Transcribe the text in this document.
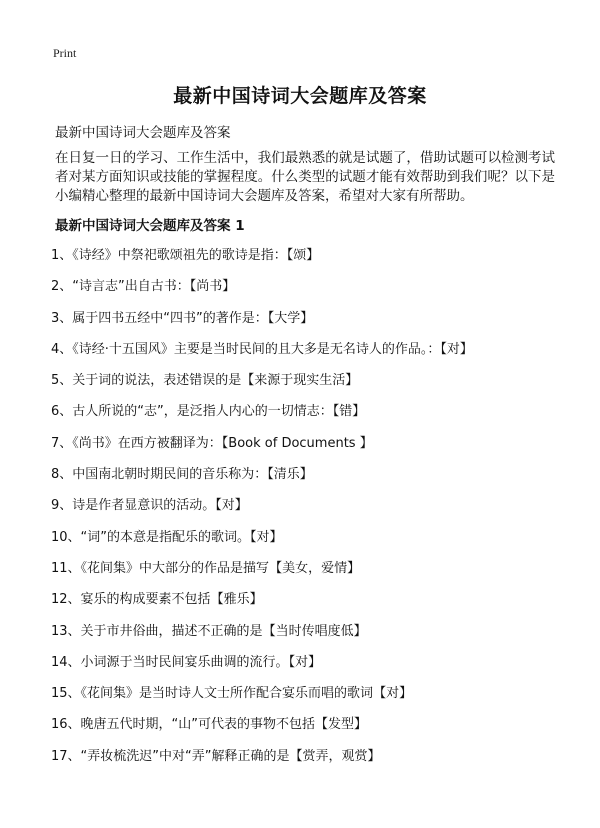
Print
最新中国诗词大会题库及答案
最新中国诗词大会题库及答案
在日复一日的学习、工作生活中，我们最熟悉的就是试题了，借助试题可以检测考试者对某方面知识或技能的掌握程度。什么类型的试题才能有效帮助到我们呢？以下是小编精心整理的最新中国诗词大会题库及答案，希望对大家有所帮助。
最新中国诗词大会题库及答案 1
1、《诗经》中祭祀歌颂祖先的歌诗是指：【颂】
2、“诗言志”出自古书：【尚书】
3、属于四书五经中“四书”的著作是：【大学】
4、《诗经·十五国风》主要是当时民间的且大多是无名诗人的作品。：【对】
5、关于词的说法，表述错误的是【来源于现实生活】
6、古人所说的“志”，是泛指人内心的一切情志：【错】
7、《尚书》在西方被翻译为：【Book of Documents 】
8、中国南北朝时期民间的音乐称为：【清乐】
9、诗是作者显意识的活动。【对】
10、“词”的本意是指配乐的歌词。【对】
11、《花间集》中大部分的作品是描写【美女，爱情】
12、宴乐的构成要素不包括【雅乐】
13、关于市井俗曲，描述不正确的是【当时传唱度低】
14、小词源于当时民间宴乐曲调的流行。【对】
15、《花间集》是当时诗人文士所作配合宴乐而唱的歌词【对】
16、晚唐五代时期，“山”可代表的事物不包括【发型】
17、“弄妆梳洗迟”中对“弄”解释正确的是【赏弄，观赏】
